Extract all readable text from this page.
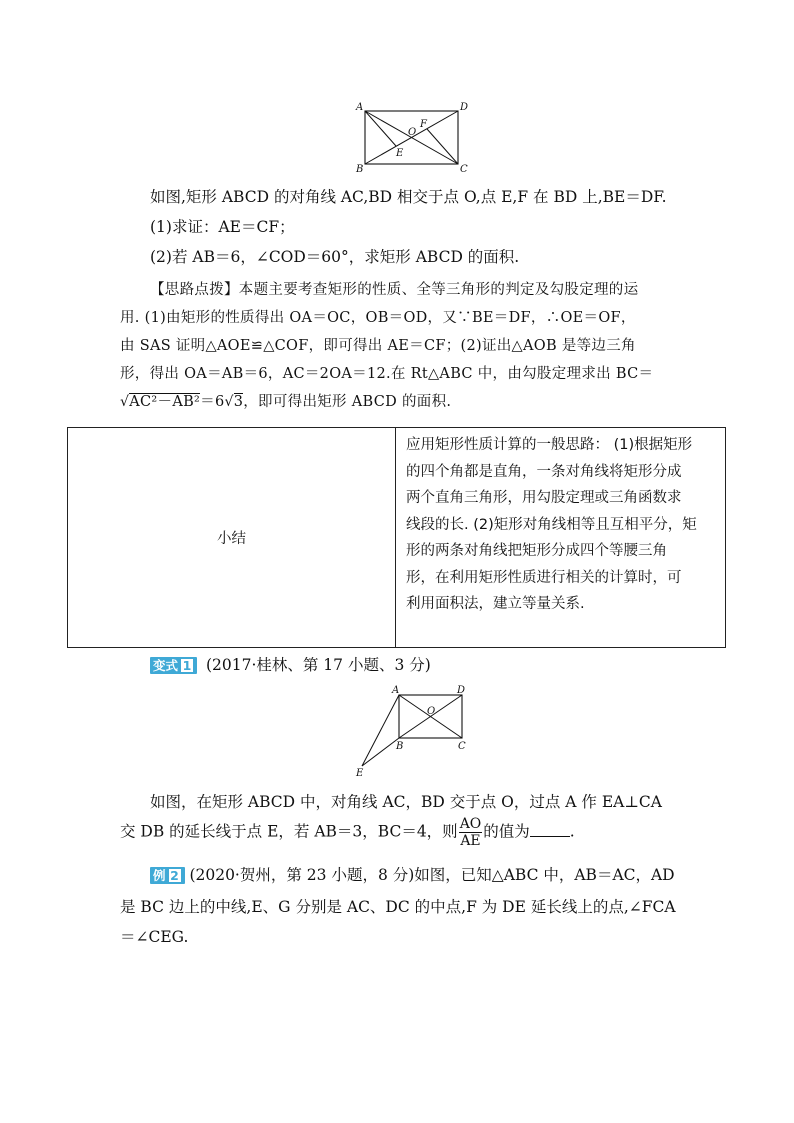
A	D
B	C
O
E
F
如图,矩形 ABCD 的对角线 AC,BD 相交于点 O,点 E,F 在 BD 上,BE＝DF.
(1)求证：AE＝CF；
(2)若 AB＝6，∠COD＝60°，求矩形 ABCD 的面积.
【思路点拨】本题主要考查矩形的性质、全等三角形的判定及勾股定理的运
用. (1)由矩形的性质得出 OA＝OC，OB＝OD，又∵BE＝DF，∴OE＝OF，
由 SAS 证明△AOE≌△COF，即可得出 AE＝CF；(2)证出△AOB 是等边三角
形，得出 OA＝AB＝6，AC＝2OA＝12.在 Rt△ABC 中，由勾股定理求出 BC＝
√AC²－AB²＝6√3，即可得出矩形 ABCD 的面积.
小结	
应用矩形性质计算的一般思路： (1)根据矩形
的四个角都是直角，一条对角线将矩形分成
两个直角三角形，用勾股定理或三角函数求
线段的长. (2)矩形对角线相等且互相平分，矩
形的两条对角线把矩形分成四个等腰三角
形，在利用矩形性质进行相关的计算时，可
利用面积法，建立等量关系.
变式 1 (2017·桂林、第 17 小题、3 分)
A	D
O
B	C
E
如图，在矩形 ABCD 中，对角线 AC，BD 交于点 O，过点 A 作 EA⊥CA
交 DB 的延长线于点 E，若 AB＝3，BC＝4，则 $\frac{AO}{AE}$ 的值为	.
例 2 (2020·贺州，第 23 小题，8 分)如图，已知△ABC 中，AB＝AC，AD
是 BC 边上的中线,E、G 分别是 AC、DC 的中点,F 为 DE 延长线上的点,∠FCA
＝∠CEG.
